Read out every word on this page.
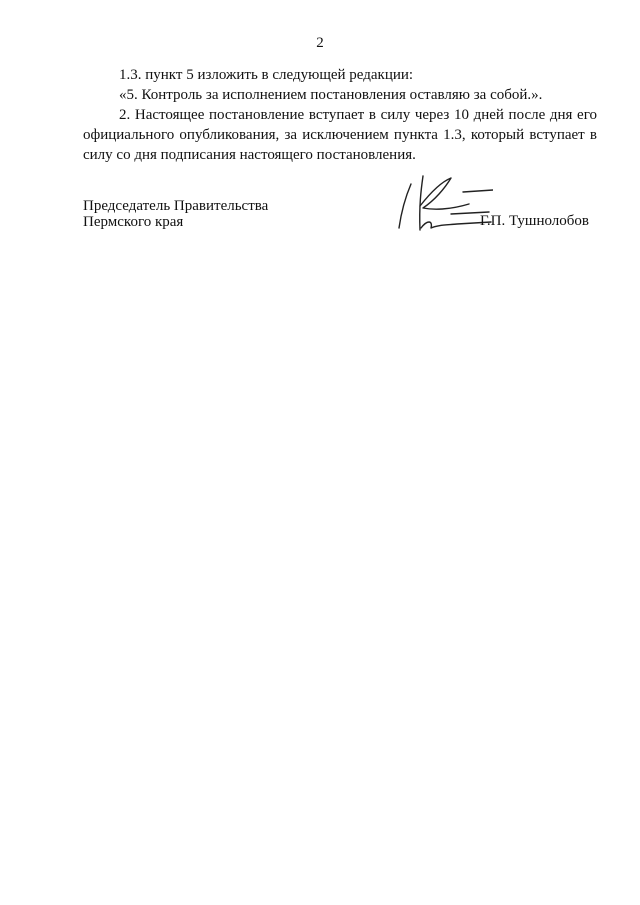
2

1.3. пункт 5 изложить в следующей редакции:

«5. Контроль за исполнением постановления оставляю за собой.».

2. Настоящее постановление вступает в силу через 10 дней после дня его официального опубликования, за исключением пункта 1.3, который вступает в силу со дня подписания настоящего постановления.

Председатель Правительства
Пермского края	Г.П. Тушнолобов
